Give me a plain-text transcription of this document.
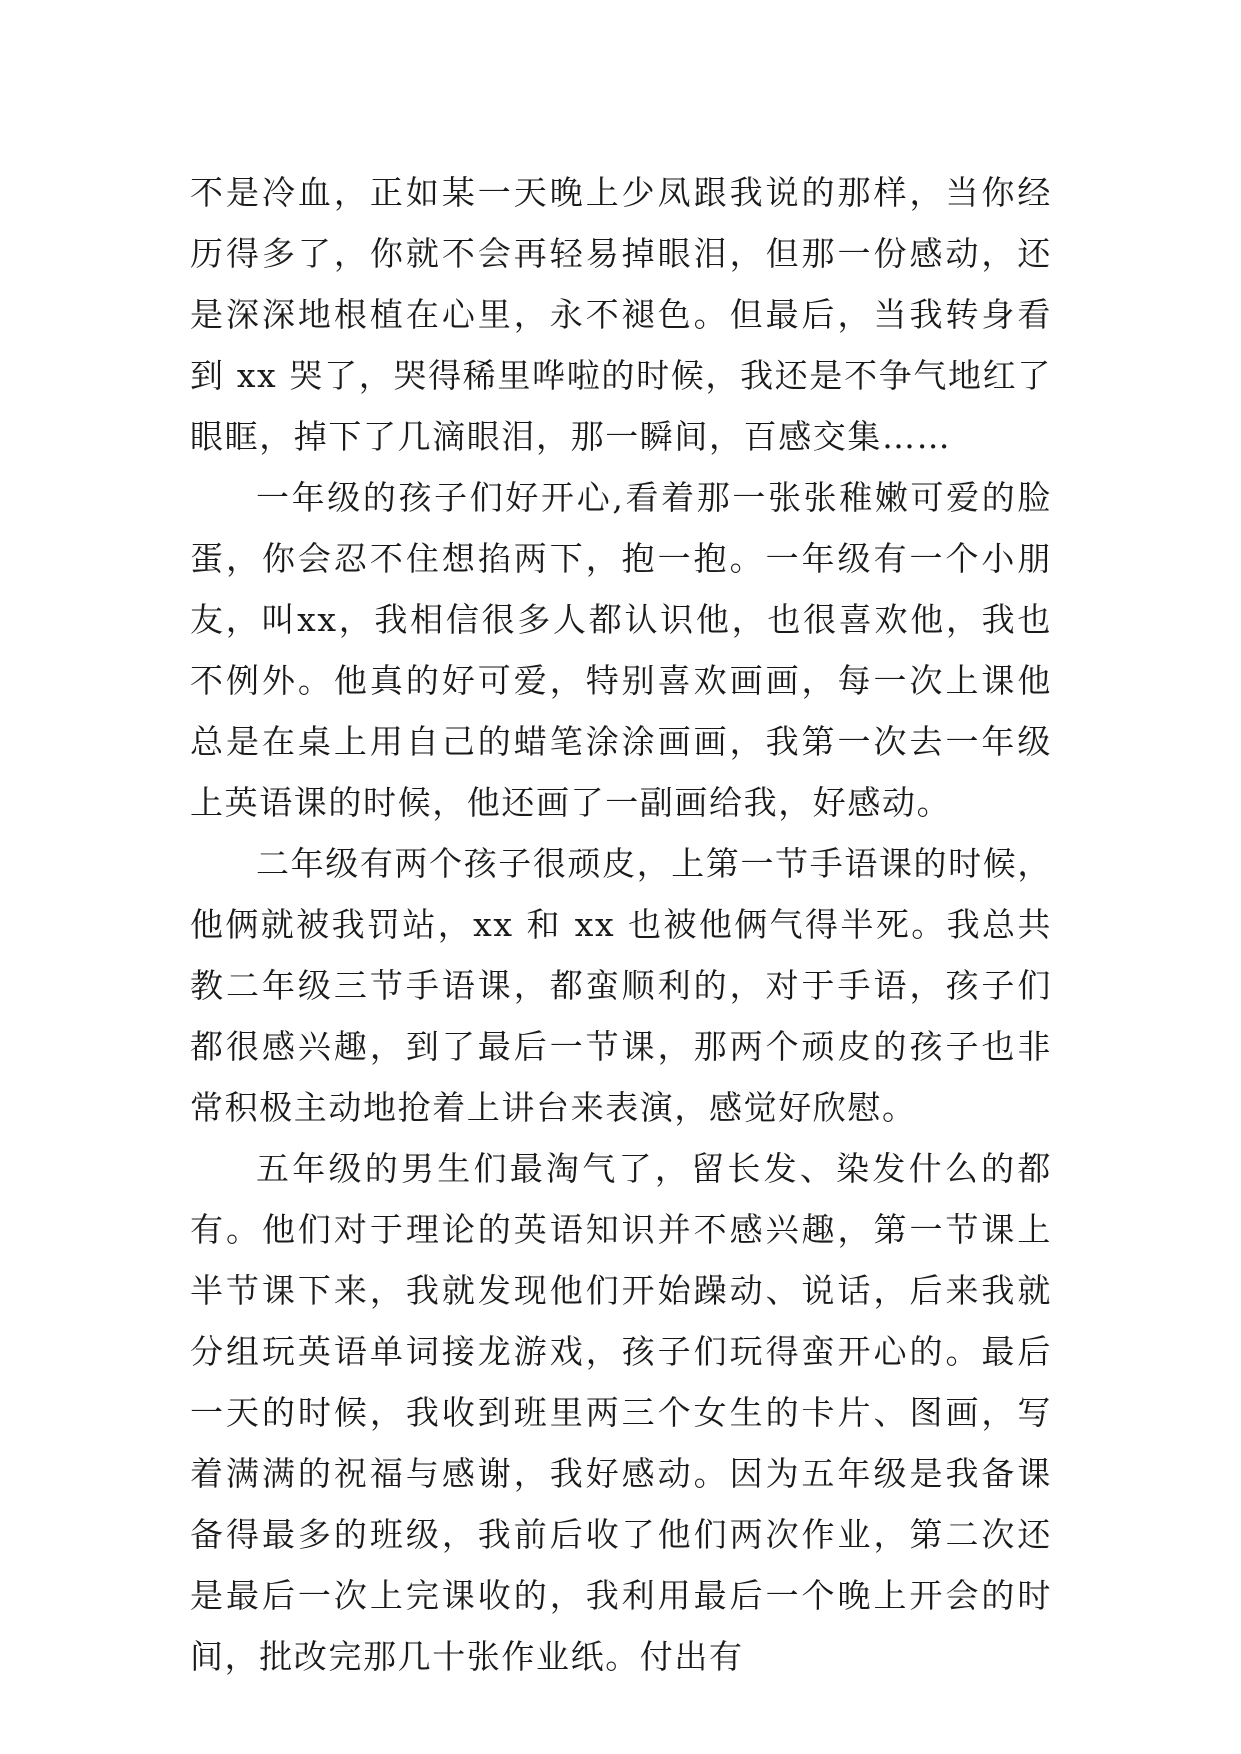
不是冷血，正如某一天晚上少凤跟我说的那样，当你经历得多了，你就不会再轻易掉眼泪，但那一份感动，还是深深地根植在心里，永不褪色。但最后，当我转身看到 xx 哭了，哭得稀里哗啦的时候，我还是不争气地红了眼眶，掉下了几滴眼泪，那一瞬间，百感交集……

一年级的孩子们好开心,看着那一张张稚嫩可爱的脸蛋，你会忍不住想掐两下，抱一抱。一年级有一个小朋友，叫xx，我相信很多人都认识他，也很喜欢他，我也不例外。他真的好可爱，特别喜欢画画，每一次上课他总是在桌上用自己的蜡笔涂涂画画，我第一次去一年级上英语课的时候，他还画了一副画给我，好感动。

二年级有两个孩子很顽皮，上第一节手语课的时候，他俩就被我罚站，xx 和 xx 也被他俩气得半死。我总共教二年级三节手语课，都蛮顺利的，对于手语，孩子们都很感兴趣，到了最后一节课，那两个顽皮的孩子也非常积极主动地抢着上讲台来表演，感觉好欣慰。

五年级的男生们最淘气了，留长发、染发什么的都有。他们对于理论的英语知识并不感兴趣，第一节课上半节课下来，我就发现他们开始躁动、说话，后来我就分组玩英语单词接龙游戏，孩子们玩得蛮开心的。最后一天的时候，我收到班里两三个女生的卡片、图画，写着满满的祝福与感谢，我好感动。因为五年级是我备课备得最多的班级，我前后收了他们两次作业，第二次还是最后一次上完课收的，我利用最后一个晚上开会的时间，批改完那几十张作业纸。付出有
